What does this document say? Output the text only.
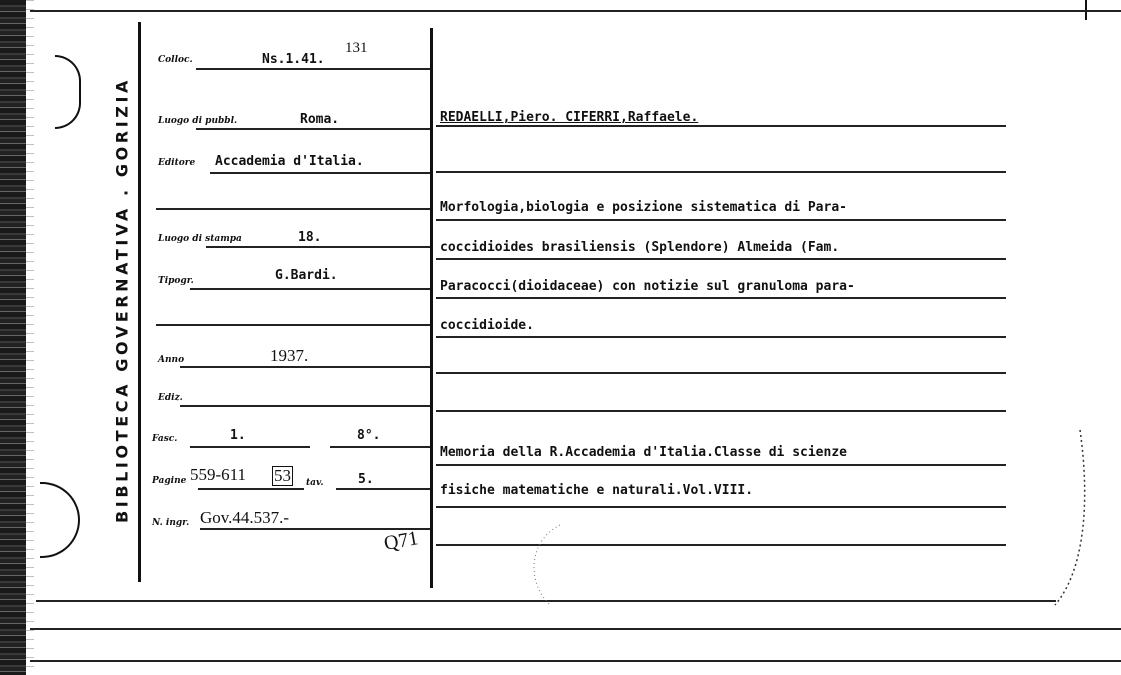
BIBLIOTECA GOVERNATIVA . GORIZIA
Colloc.	Ns.1.41.
131
Luogo di pubbl.	Roma.
Editore Accademia d'Italia.
Luogo di stampa	18.
Tipogr.	G.Bardi.
Anno	1937.
Ediz.
Fasc.	1.	8°.
Pagine 559-611 53 tav.	5.
N. ingr. Gov.44.537.-
Q71
REDAELLI,Piero. CIFERRI,Raffaele.
Morfologia,biologia e posizione sistematica di Para-
coccidioides brasiliensis (Splendore) Almeida (Fam.
Paracocci(dioidaceae) con notizie sul granuloma para-
coccidioide.
Memoria della R.Accademia d'Italia.Classe di scienze
fisiche matematiche e naturali.Vol.VIII.
